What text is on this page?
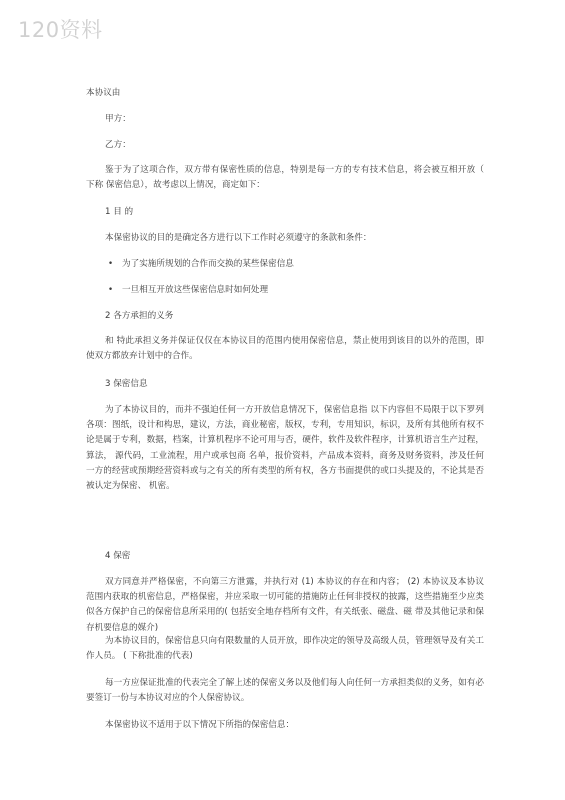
120资料
本协议由
甲方：
乙方：
鉴于为了这项合作，双方带有保密性质的信息，特别是每一方的专有技术信息，将会被互相开放（ 下称 保密信息），故考虑以上情况，商定如下：
1 目 的
本保密协议的目的是确定各方进行以下工作时必须遵守的条款和条件：
• 为了实施所规划的合作而交换的某些保密信息
• 一旦相互开放这些保密信息时如何处理
2 各方承担的义务
和 特此承担义务并保证仅仅在本协议目的范围内使用保密信息，禁止使用到该目的以外的范围，即使双方都放弃计划中的合作。
3 保密信息
为了本协议目的，而并不强迫任何一方开放信息情况下，保密信息指 以下内容但不局限于以下罗列各项：图纸，设计和构思，建议，方法，商业秘密，版权，专利，专用知识，标识，及所有其他所有权不论是属于专利，数据，档案，计算机程序不论可用与否，硬件，软件及软件程序，计算机语言生产过程，算法， 源代码，工业流程，用户或承包商 名单，报价资料，产品成本资料，商务及财务资料，涉及任何一方的经营或预期经营资料或与之有关的所有类型的所有权，各方书面提供的或口头提及的，不论其是否被认定为保密、 机密。
4 保密
双方同意并严格保密，不向第三方泄露，并执行对 (1) 本协议的存在和内容； (2) 本协议及本协议范围内获取的机密信息，严格保密，并应采取一切可能的措施防止任何非授权的披露，这些措施至少应类似各方保护自己的保密信息所采用的( 包括安全地存档所有文件，有关纸张、磁盘、磁 带及其他记录和保存机要信息的媒介)
为本协议目的，保密信息只向有限数量的人员开放，即作决定的领导及高级人员，管理领导及有关工作人员。 ( 下称批准的代表)
每一方应保证批准的代表完全了解上述的保密义务以及他们每人向任何一方承担类似的义务，如有必要签订一份与本协议对应的个人保密协议。
本保密协议不适用于以下情况下所指的保密信息：
